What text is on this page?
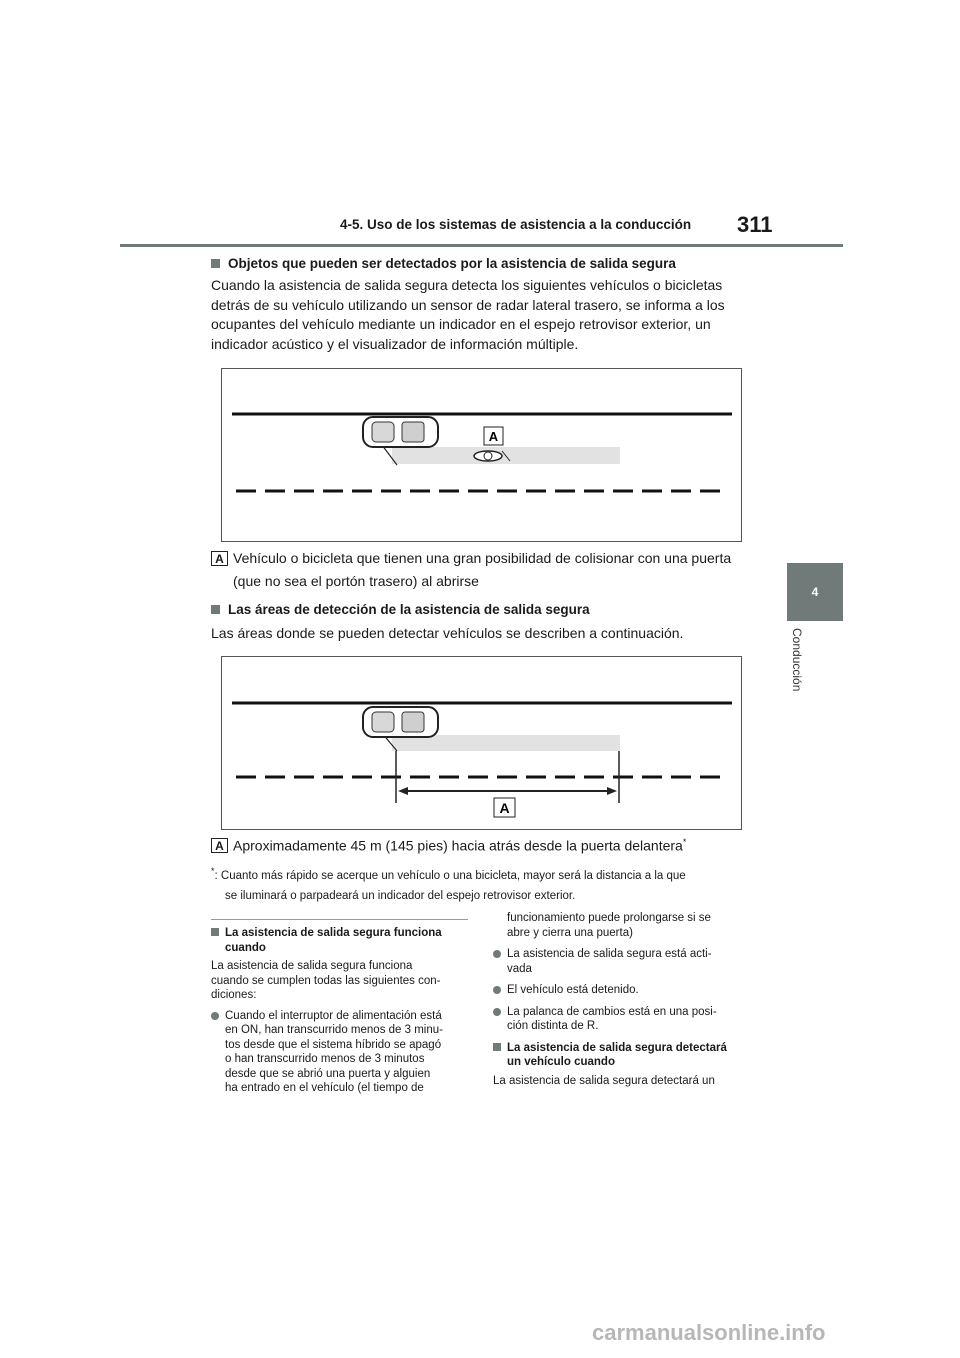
4-5. Uso de los sistemas de asistencia a la conducción 311
4
Conducción
Objetos que pueden ser detectados por la asistencia de salida segura
Cuando la asistencia de salida segura detecta los siguientes vehículos o bicicletas
detrás de su vehículo utilizando un sensor de radar lateral trasero, se informa a los
ocupantes del vehículo mediante un indicador en el espejo retrovisor exterior, un
indicador acústico y el visualizador de información múltiple.
A
A Vehículo o bicicleta que tienen una gran posibilidad de colisionar con una puerta
(que no sea el portón trasero) al abrirse
Las áreas de detección de la asistencia de salida segura
Las áreas donde se pueden detectar vehículos se describen a continuación.
A
A Aproximadamente 45 m (145 pies) hacia atrás desde la puerta delantera*
*: Cuanto más rápido se acerque un vehículo o una bicicleta, mayor será la distancia a la que
se iluminará o parpadeará un indicador del espejo retrovisor exterior.

La asistencia de salida segura funciona
cuando

La asistencia de salida segura funciona
cuando se cumplen todas las siguientes con-
diciones:

Cuando el interruptor de alimentación está
en ON, han transcurrido menos de 3 minu-
tos desde que el sistema híbrido se apagó
o han transcurrido menos de 3 minutos
desde que se abrió una puerta y alguien
ha entrado en el vehículo (el tiempo de

funcionamiento puede prolongarse si se
abre y cierra una puerta)

La asistencia de salida segura está acti-
vada

El vehículo está detenido.

La palanca de cambios está en una posi-
ción distinta de R.

La asistencia de salida segura detectará
un vehículo cuando

La asistencia de salida segura detectará un

carmanualsonline.info
